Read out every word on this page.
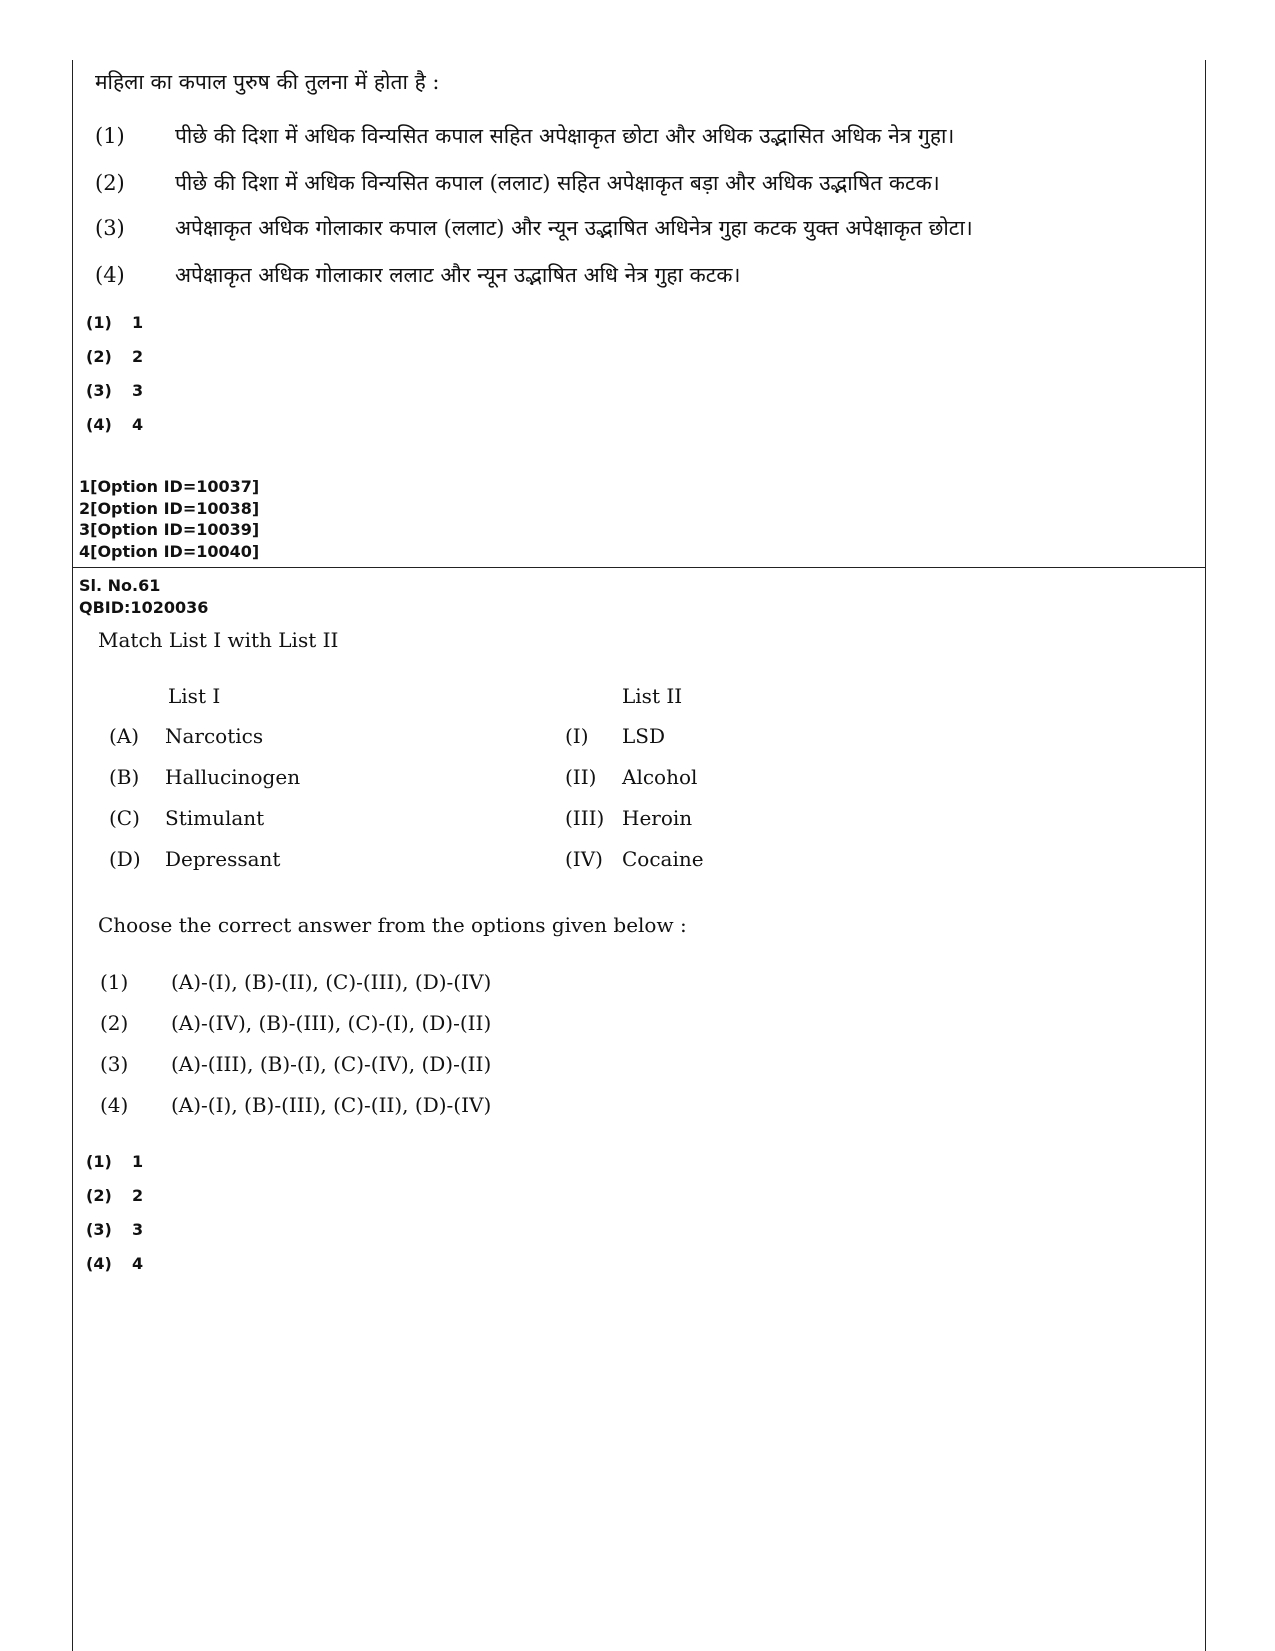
महिला का कपाल पुरुष की तुलना में होता है :
(1) पीछे की दिशा में अधिक विन्यसित कपाल सहित अपेक्षाकृत छोटा और अधिक उद्भासित अधिक नेत्र गुहा।
(2) पीछे की दिशा में अधिक विन्यसित कपाल (ललाट) सहित अपेक्षाकृत बड़ा और अधिक उद्भाषित कटक।
(3) अपेक्षाकृत अधिक गोलाकार कपाल (ललाट) और न्यून उद्भाषित अधिनेत्र गुहा कटक युक्त अपेक्षाकृत छोटा।
(4) अपेक्षाकृत अधिक गोलाकार ललाट और न्यून उद्भाषित अधि नेत्र गुहा कटक।
(1) 1
(2) 2
(3) 3
(4) 4
1[Option ID=10037]
2[Option ID=10038]
3[Option ID=10039]
4[Option ID=10040]
Sl. No.61
QBID:1020036
Match List I with List II
List I	List II
(A)	Narcotics	(I) LSD
(B)	Hallucinogen	(II) Alcohol
(C)	Stimulant	(III) Heroin
(D)	Depressant	(IV) Cocaine
Choose the correct answer from the options given below :
(1) (A)-(I), (B)-(II), (C)-(III), (D)-(IV)
(2) (A)-(IV), (B)-(III), (C)-(I), (D)-(II)
(3) (A)-(III), (B)-(I), (C)-(IV), (D)-(II)
(4) (A)-(I), (B)-(III), (C)-(II), (D)-(IV)
(1) 1
(2) 2
(3) 3
(4) 4
